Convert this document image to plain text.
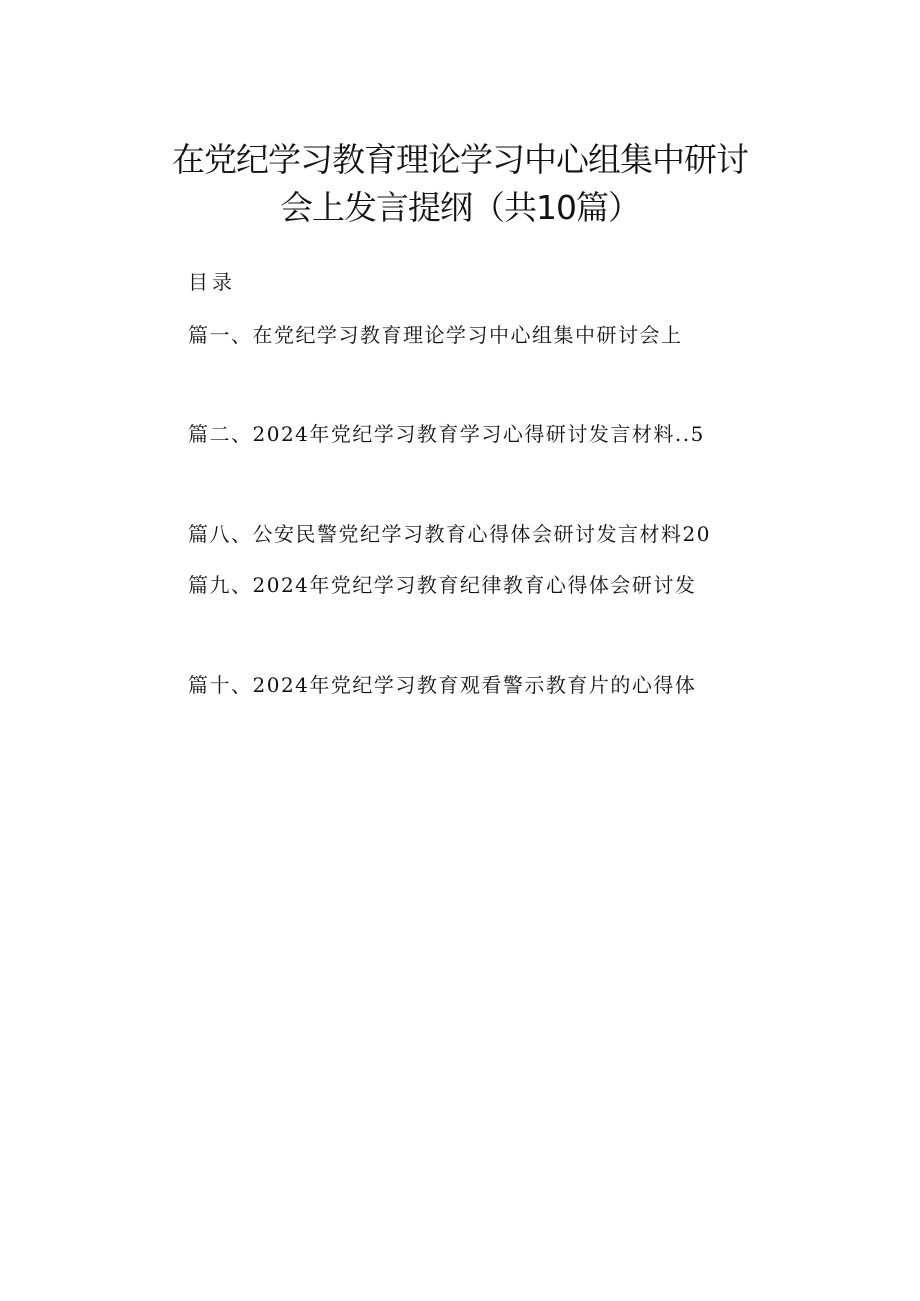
在党纪学习教育理论学习中心组集中研讨
会上发言提纲（共10篇）
目录
篇一、在党纪学习教育理论学习中心组集中研讨会上
篇二、2024年党纪学习教育学习心得研讨发言材料..5
篇八、公安民警党纪学习教育心得体会研讨发言材料20
篇九、2024年党纪学习教育纪律教育心得体会研讨发
篇十、2024年党纪学习教育观看警示教育片的心得体
